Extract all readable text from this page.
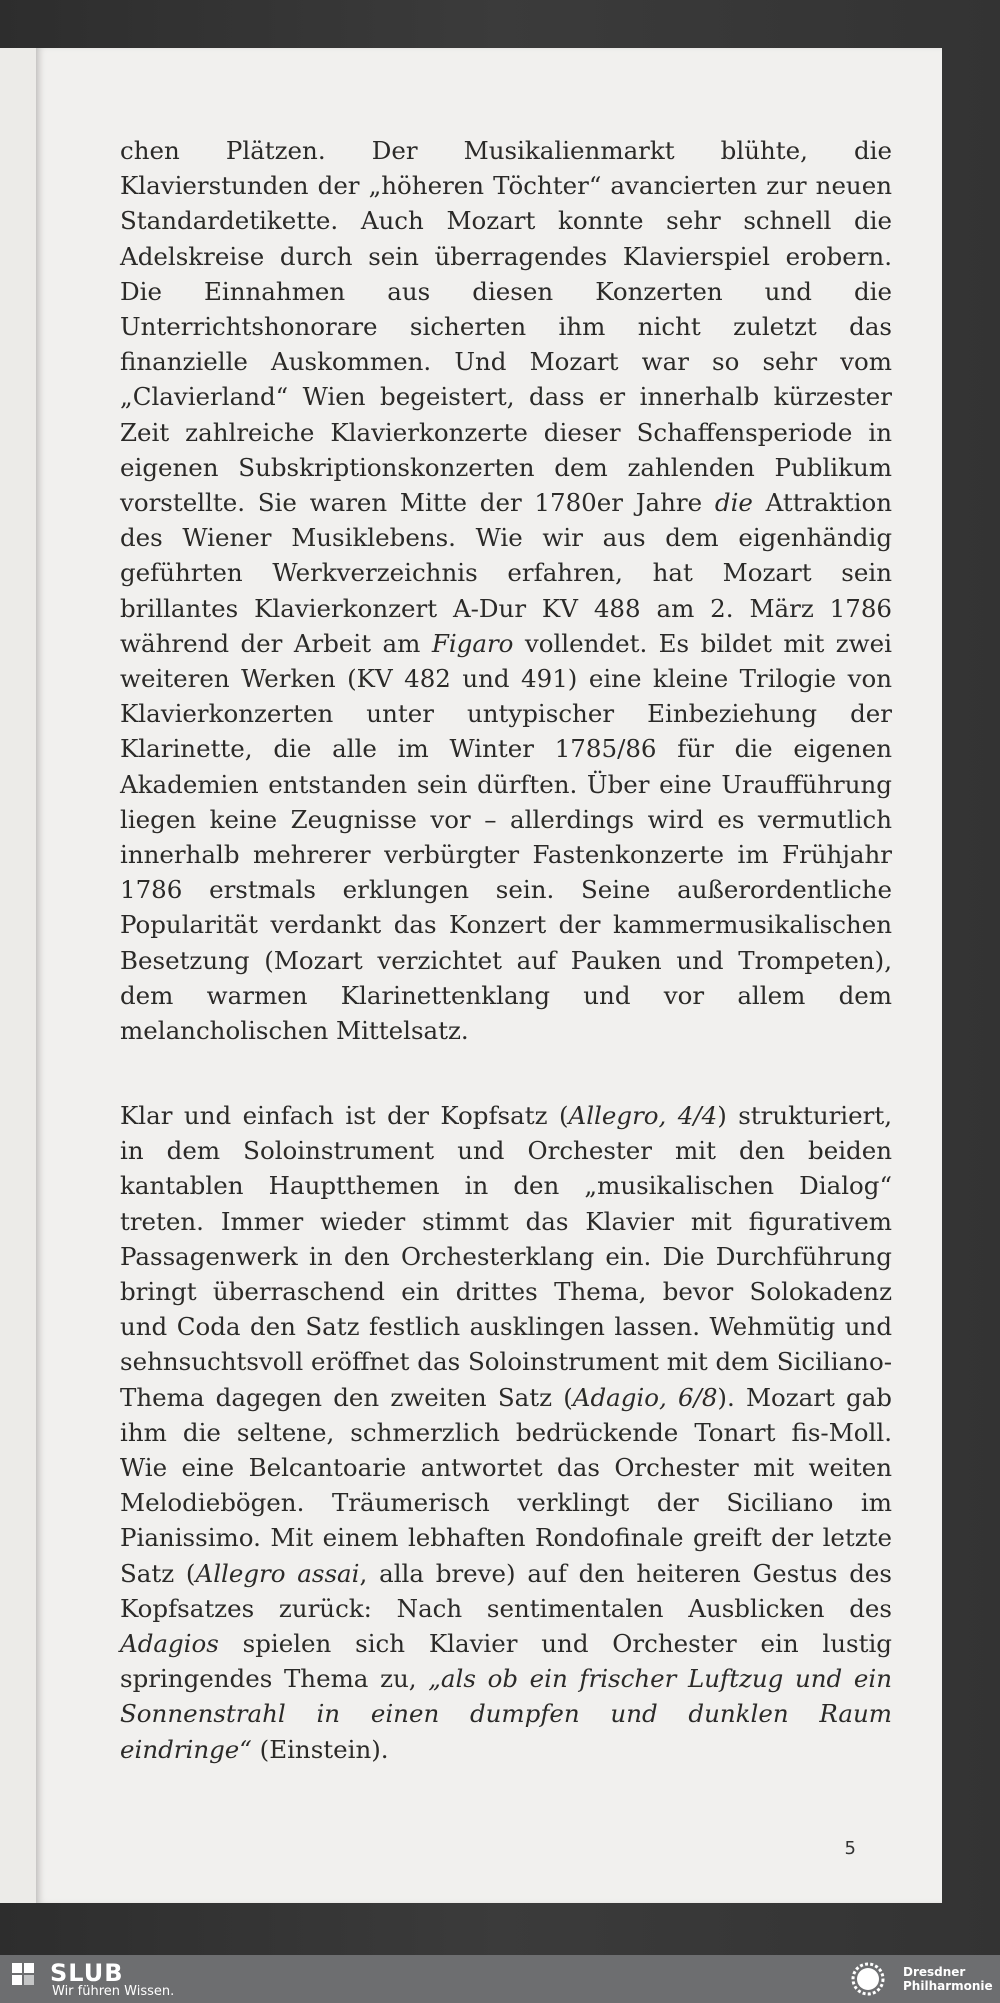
chen Plätzen. Der Musikalienmarkt blühte, die Klavierstunden der „höheren Töchter“ avancierten zur neuen Standardetikette. Auch Mozart konnte sehr schnell die Adelskreise durch sein überragendes Klavierspiel erobern. Die Einnahmen aus diesen Konzerten und die Unterrichtshonorare sicherten ihm nicht zuletzt das finanzielle Auskommen. Und Mozart war so sehr vom „Clavierland“ Wien begeistert, dass er innerhalb kürzester Zeit zahlreiche Klavierkonzerte dieser Schaffensperiode in eigenen Subskriptionskonzerten dem zahlenden Publikum vorstellte. Sie waren Mitte der 1780er Jahre die Attraktion des Wiener Musiklebens. Wie wir aus dem eigenhändig geführten Werkverzeichnis erfahren, hat Mozart sein brillantes Klavierkonzert A-Dur KV 488 am 2. März 1786 während der Arbeit am Figaro vollendet. Es bildet mit zwei weiteren Werken (KV 482 und 491) eine kleine Trilogie von Klavierkonzerten unter untypischer Einbeziehung der Klarinette, die alle im Winter 1785/86 für die eigenen Akademien entstanden sein dürften. Über eine Uraufführung liegen keine Zeugnisse vor – allerdings wird es vermutlich innerhalb mehrerer verbürgter Fastenkonzerte im Frühjahr 1786 erstmals erklungen sein. Seine außerordentliche Popularität verdankt das Konzert der kammermusikalischen Besetzung (Mozart verzichtet auf Pauken und Trompeten), dem warmen Klarinettenklang und vor allem dem melancholischen Mittelsatz.

Klar und einfach ist der Kopfsatz (Allegro, 4/4) strukturiert, in dem Soloinstrument und Orchester mit den beiden kantablen Hauptthemen in den „musikalischen Dialog“ treten. Immer wieder stimmt das Klavier mit figurativem Passagenwerk in den Orchesterklang ein. Die Durchführung bringt überraschend ein drittes Thema, bevor Solokadenz und Coda den Satz festlich ausklingen lassen. Wehmütig und sehnsuchtsvoll eröffnet das Soloinstrument mit dem Siciliano-Thema dagegen den zweiten Satz (Adagio, 6/8). Mozart gab ihm die seltene, schmerzlich bedrückende Tonart fis-Moll. Wie eine Belcantoarie antwortet das Orchester mit weiten Melodiebögen. Träumerisch verklingt der Siciliano im Pianissimo. Mit einem lebhaften Rondofinale greift der letzte Satz (Allegro assai, alla breve) auf den heiteren Gestus des Kopfsatzes zurück: Nach sentimentalen Ausblicken des Adagios spielen sich Klavier und Orchester ein lustig springendes Thema zu, „als ob ein frischer Luftzug und ein Sonnenstrahl in einen dumpfen und dunklen Raum eindringe“ (Einstein).

5
SLUB
Wir führen Wissen.
Dresdner
Philharmonie
